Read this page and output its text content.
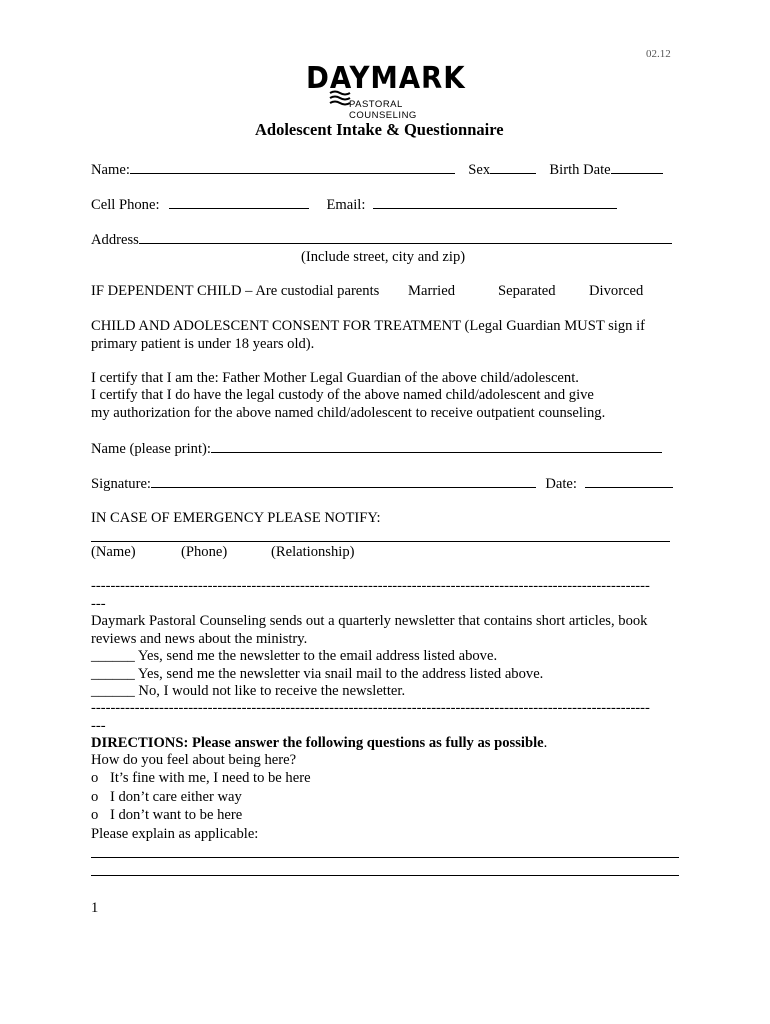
02.12
DAYMARK
PASTORAL COUNSELING
Adolescent Intake & Questionnaire
Name:	Sex	Birth Date
Cell Phone:	Email:
Address
(Include street, city and zip)
IF DEPENDENT CHILD – Are custodial parents Married	Separated Divorced
CHILD AND ADOLESCENT CONSENT FOR TREATMENT (Legal Guardian MUST sign if
primary patient is under 18 years old).
I certify that I am the: Father Mother Legal Guardian of the above child/adolescent.
I certify that I do have the legal custody of the above named child/adolescent and give
my authorization for the above named child/adolescent to receive outpatient counseling.
Name (please print):
Signature:	Date:
IN CASE OF EMERGENCY PLEASE NOTIFY:
(Name)	(Phone)	(Relationship)
-------------------------------------------------------------------------------------------------------------------
---
Daymark Pastoral Counseling sends out a quarterly newsletter that contains short articles, book
reviews and news about the ministry.
______ Yes, send me the newsletter to the email address listed above.
______ Yes, send me the newsletter via snail mail to the address listed above.
______ No, I would not like to receive the newsletter.
-------------------------------------------------------------------------------------------------------------------
---
DIRECTIONS: Please answer the following questions as fully as possible.
How do you feel about being here?
o It’s fine with me, I need to be here
o I don’t care either way
o I don’t want to be here
Please explain as applicable:
1
